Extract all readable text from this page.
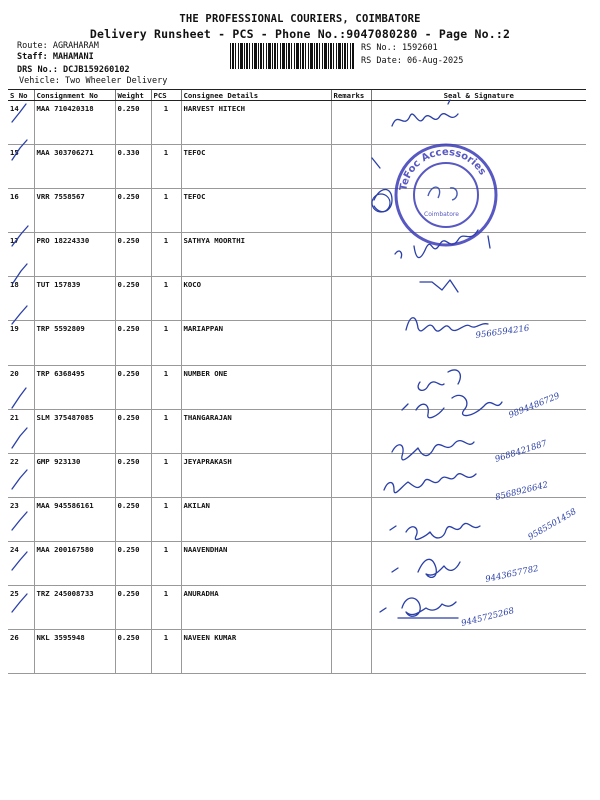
THE PROFESSIONAL COURIERS, COIMBATORE
Delivery Runsheet - PCS - Phone No.:9047080280 - Page No.:2
Route: AGRAHARAM
Staff: MAHAMANI
DRS No.: DCJB159260102
Vehicle: Two Wheeler Delivery
RS No.: 1592601
RS Date: 06-Aug-2025
S No	Consignment No	Weight	PCS	Consignee Details	Remarks	Seal & Signature
14	MAA 710420318	0.250	1	HARVEST HITECH		
15	MAA 303706271	0.330	1	TEFOC		
16	VRR 7558567	0.250	1	TEFOC		
17	PRO 18224330	0.250	1	SATHYA MOORTHI		
18	TUT 157839	0.250	1	KOCO		
19	TRP 5592809	0.250	1	MARIAPPAN		
20	TRP 6368495	0.250	1	NUMBER ONE		
21	SLM 375487085	0.250	1	THANGARAJAN		
22	GMP 923130	0.250	1	JEYAPRAKASH		
23	MAA 945586161	0.250	1	AKILAN		
24	MAA 200167580	0.250	1	NAAVENDHAN		
25	TRZ 245008733	0.250	1	ANURADHA		
26	NKL 3595948	0.250	1	NAVEEN KUMAR		
9566594216
9894486729
9688421887
8568926642
9585501458
9443657782
9445725268
TeFoc Accessories
Coimbatore
